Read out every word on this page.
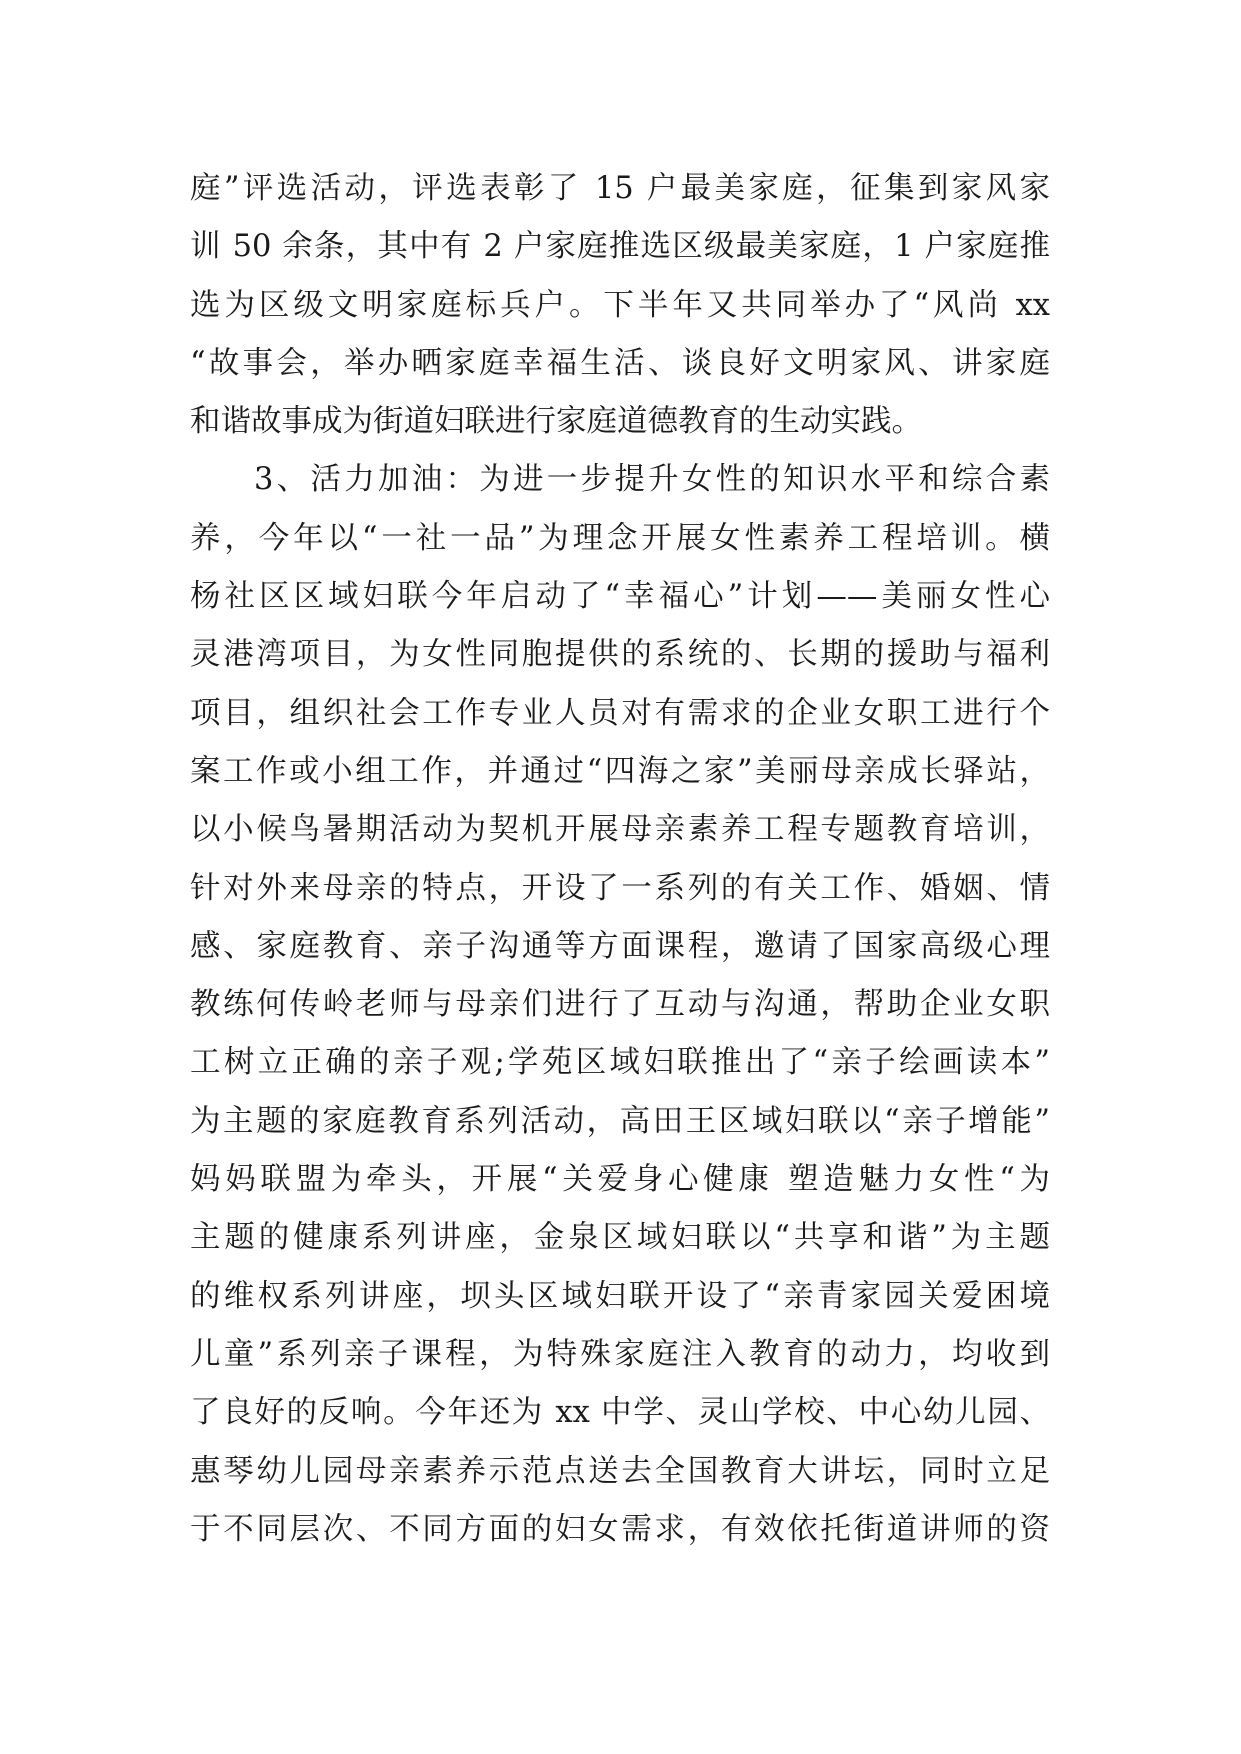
庭”评选活动，评选表彰了 15 户最美家庭，征集到家风家
训 50 余条，其中有 2 户家庭推选区级最美家庭，1 户家庭推
选为区级文明家庭标兵户。下半年又共同举办了“风尚 xx
“故事会，举办晒家庭幸福生活、谈良好文明家风、讲家庭
和谐故事成为街道妇联进行家庭道德教育的生动实践。
3、活力加油：为进一步提升女性的知识水平和综合素
养，今年以“一社一品”为理念开展女性素养工程培训。横
杨社区区域妇联今年启动了“幸福心”计划——美丽女性心
灵港湾项目，为女性同胞提供的系统的、长期的援助与福利
项目，组织社会工作专业人员对有需求的企业女职工进行个
案工作或小组工作，并通过“四海之家”美丽母亲成长驿站，
以小候鸟暑期活动为契机开展母亲素养工程专题教育培训，
针对外来母亲的特点，开设了一系列的有关工作、婚姻、情
感、家庭教育、亲子沟通等方面课程，邀请了国家高级心理
教练何传岭老师与母亲们进行了互动与沟通，帮助企业女职
工树立正确的亲子观;学苑区域妇联推出了“亲子绘画读本”
为主题的家庭教育系列活动，高田王区域妇联以“亲子增能”
妈妈联盟为牵头，开展“关爱身心健康 塑造魅力女性“为
主题的健康系列讲座，金泉区域妇联以“共享和谐”为主题
的维权系列讲座，坝头区域妇联开设了“亲青家园关爱困境
儿童”系列亲子课程，为特殊家庭注入教育的动力，均收到
了良好的反响。今年还为 xx 中学、灵山学校、中心幼儿园、
惠琴幼儿园母亲素养示范点送去全国教育大讲坛，同时立足
于不同层次、不同方面的妇女需求，有效依托街道讲师的资
